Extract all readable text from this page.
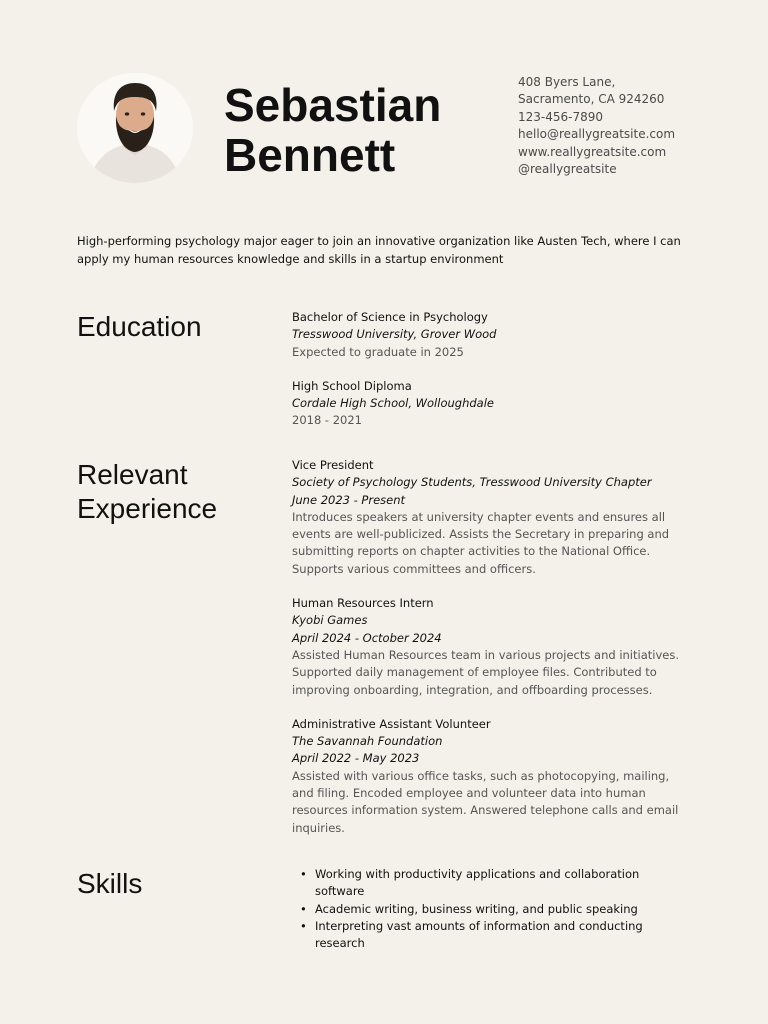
Sebastian
Bennett
408 Byers Lane,
Sacramento, CA 924260
123-456-7890
hello@reallygreatsite.com
www.reallygreatsite.com
@reallygreatsite

High-performing psychology major eager to join an innovative organization like Austen Tech, where I can apply my human resources knowledge and skills in a startup environment

Education	Bachelor of Science in Psychology
Tresswood University, Grover Wood
Expected to graduate in 2025
High School Diploma
Cordale High School, Wolloughdale
2018 - 2021
Relevant
Experience
Vice President
Society of Psychology Students, Tresswood University Chapter
June 2023 - Present
Introduces speakers at university chapter events and ensures all events are well-publicized. Assists the Secretary in preparing and submitting reports on chapter activities to the National Office. Supports various committees and officers.
Human Resources Intern
Kyobi Games
April 2024 - October 2024
Assisted Human Resources team in various projects and initiatives. Supported daily management of employee files. Contributed to improving onboarding, integration, and offboarding processes.
Administrative Assistant Volunteer
The Savannah Foundation
April 2022 - May 2023
Assisted with various office tasks, such as photocopying, mailing, and filing. Encoded employee and volunteer data into human resources information system. Answered telephone calls and email inquiries.
Skills
•	Working with productivity applications and collaboration software
• Academic writing, business writing, and public speaking
• Interpreting vast amounts of information and conducting research
